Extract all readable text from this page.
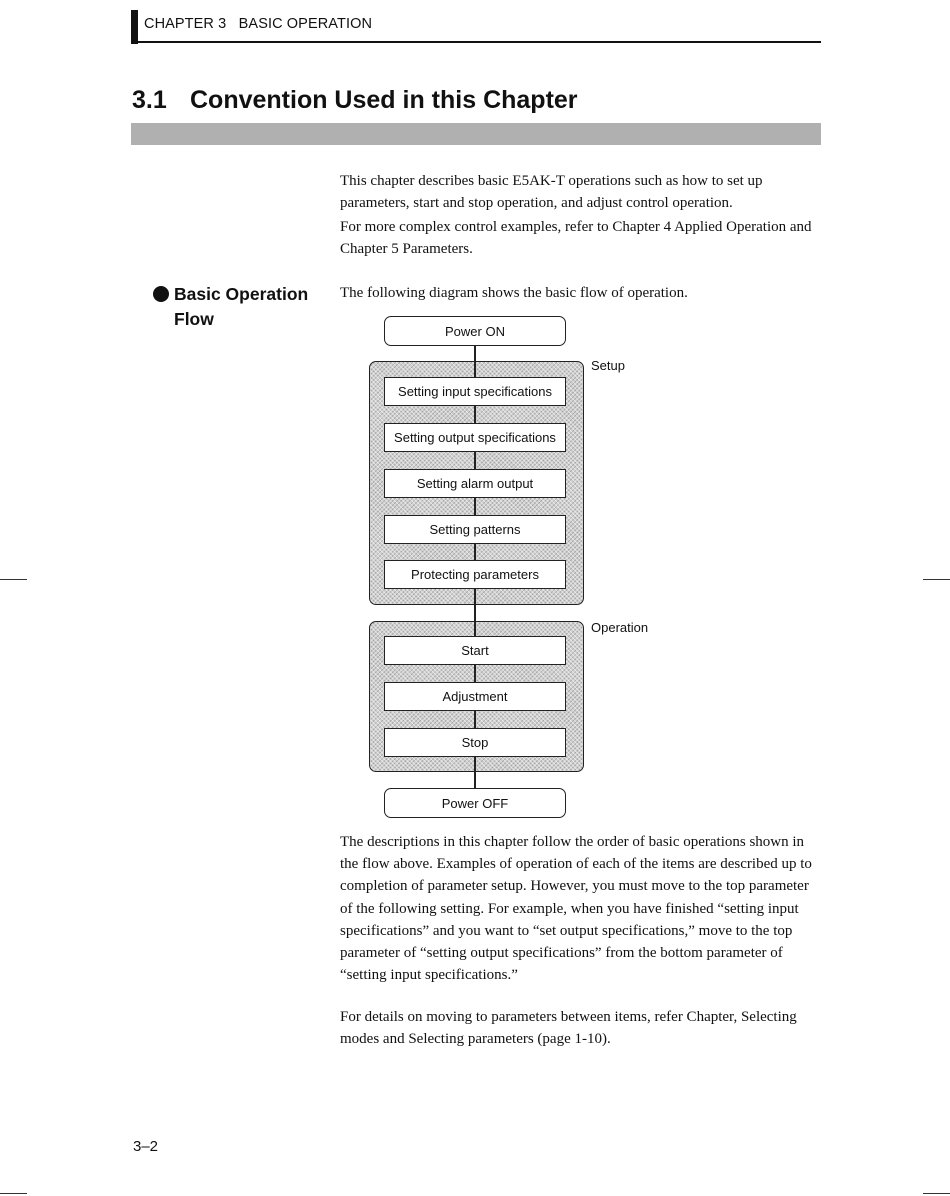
CHAPTER 3   BASIC OPERATION
3.1 Convention Used in this Chapter
This chapter describes basic E5AK-T operations such as how to set up parameters, start and stop operation, and adjust control operation.
For more complex control examples, refer to Chapter 4 Applied Operation and Chapter 5 Parameters.
Basic Operation
Flow
The following diagram shows the basic flow of operation.
Power ON
Setup
Setting input specifications
Setting output specifications
Setting alarm output
Setting patterns
Protecting parameters
Operation
Start
Adjustment
Stop
Power OFF
The descriptions in this chapter follow the order of basic operations shown in the flow above. Examples of operation of each of the items are described up to completion of parameter setup. However, you must move to the top parameter of the following setting. For example, when you have finished “setting input specifications” and you want to “set output specifications,” move to the top parameter of “setting output specifications” from the bottom parameter of “setting input specifications.”
For details on moving to parameters between items, refer Chapter, Selecting modes and Selecting parameters (page 1-10).
3–2
